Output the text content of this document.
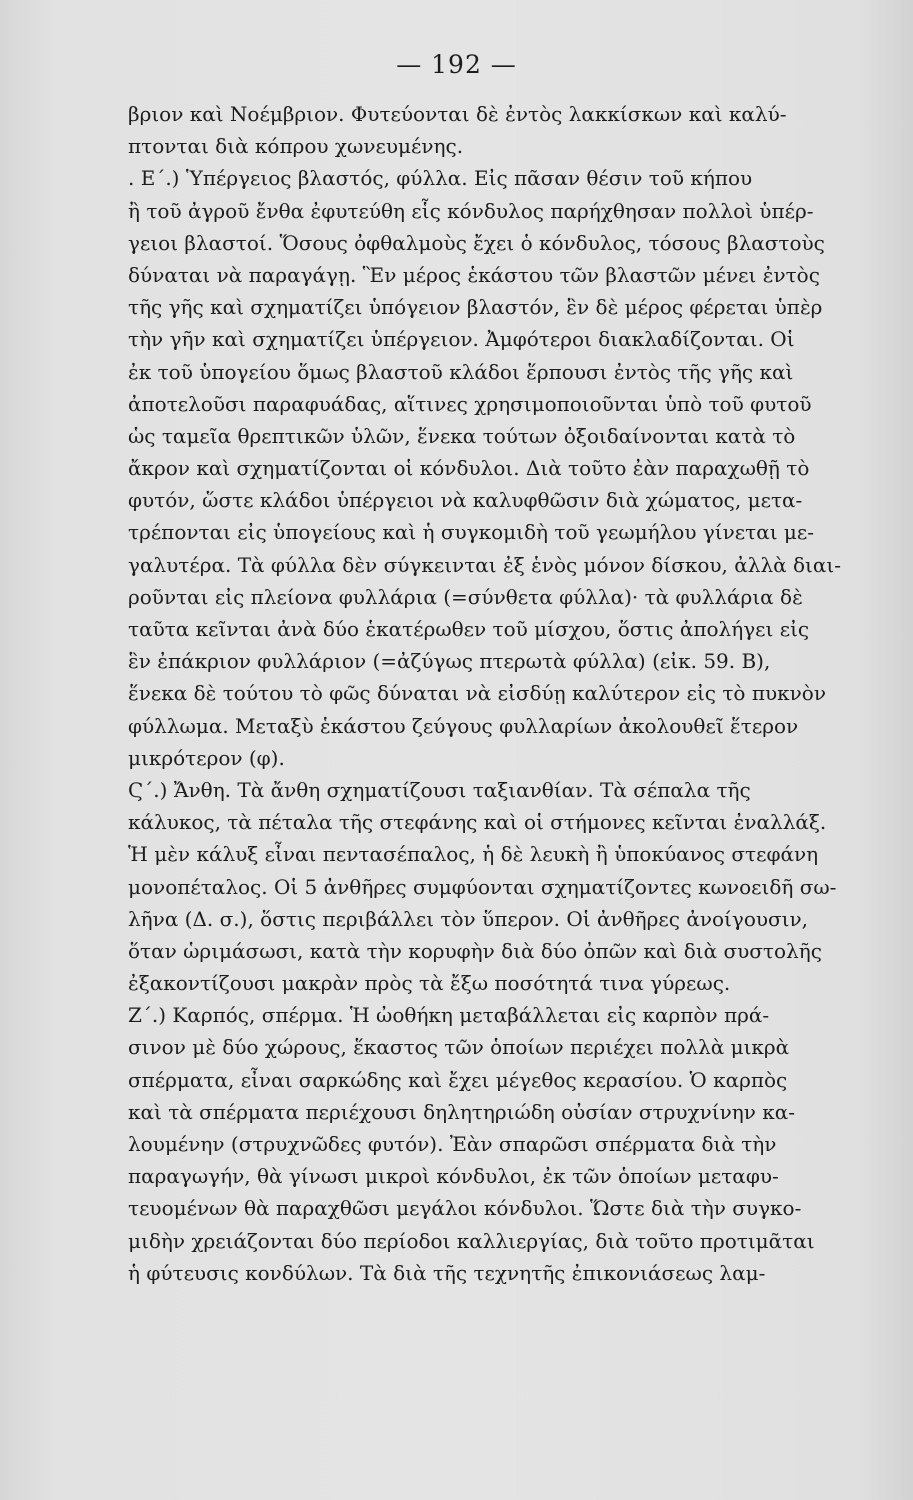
— 192 —
βριον καὶ Νοέμβριον. Φυτεύονται δὲ ἐντὸς λακκίσκων καὶ καλύ-
πτονται διὰ κόπρου χωνευμένης.
. Ε΄.) Ὑπέργειος βλαστός, φύλλα. Εἰς πᾶσαν θέσιν τοῦ κήπου
ἢ τοῦ ἀγροῦ ἔνθα ἐφυτεύθη εἷς κόνδυλος παρήχθησαν πολλοὶ ὑπέρ-
γειοι βλαστοί. Ὅσους ὀφθαλμοὺς ἔχει ὁ κόνδυλος, τόσους βλαστοὺς
δύναται νὰ παραγάγῃ. Ἓν μέρος ἑκάστου τῶν βλαστῶν μένει ἐντὸς
τῆς γῆς καὶ σχηματίζει ὑπόγειον βλαστόν, ἓν δὲ μέρος φέρεται ὑπὲρ
τὴν γῆν καὶ σχηματίζει ὑπέργειον. Ἀμφότεροι διακλαδίζονται. Οἱ
ἐκ τοῦ ὑπογείου ὅμως βλαστοῦ κλάδοι ἕρπουσι ἐντὸς τῆς γῆς καὶ
ἀποτελοῦσι παραφυάδας, αἵτινες χρησιμοποιοῦνται ὑπὸ τοῦ φυτοῦ
ὡς ταμεῖα θρεπτικῶν ὑλῶν, ἕνεκα τούτων ὀξοιδαίνονται κατὰ τὸ
ἄκρον καὶ σχηματίζονται οἱ κόνδυλοι. Διὰ τοῦτο ἐὰν παραχωθῇ τὸ
φυτόν, ὥστε κλάδοι ὑπέργειοι νὰ καλυφθῶσιν διὰ χώματος, μετα-
τρέπονται εἰς ὑπογείους καὶ ἡ συγκομιδὴ τοῦ γεωμήλου γίνεται με-
γαλυτέρα. Τὰ φύλλα δὲν σύγκεινται ἐξ ἑνὸς μόνον δίσκου, ἀλλὰ διαι-
ροῦνται εἰς πλείονα φυλλάρια (=σύνθετα φύλλα)· τὰ φυλλάρια δὲ
ταῦτα κεῖνται ἀνὰ δύο ἑκατέρωθεν τοῦ μίσχου, ὅστις ἀπολήγει εἰς
ἓν ἐπάκριον φυλλάριον (=ἀζύγως πτερωτὰ φύλλα) (εἰκ. 59. Β),
ἕνεκα δὲ τούτου τὸ φῶς δύναται νὰ εἰσδύῃ καλύτερον εἰς τὸ πυκνὸν
φύλλωμα. Μεταξὺ ἑκάστου ζεύγους φυλλαρίων ἀκολουθεῖ ἕτερον
μικρότερον (φ).
Ϛ΄.) Ἄνθη. Τὰ ἄνθη σχηματίζουσι ταξιανθίαν. Τὰ σέπαλα τῆς
κάλυκος, τὰ πέταλα τῆς στεφάνης καὶ οἱ στήμονες κεῖνται ἐναλλάξ.
Ἡ μὲν κάλυξ εἶναι πεντασέπαλος, ἡ δὲ λευκὴ ἢ ὑποκύανος στεφάνη
μονοπέταλος. Οἱ 5 ἀνθῆρες συμφύονται σχηματίζοντες κωνοειδῆ σω-
λῆνα (Δ. σ.), ὅστις περιβάλλει τὸν ὕπερον. Οἱ ἀνθῆρες ἀνοίγουσιν,
ὅταν ὡριμάσωσι, κατὰ τὴν κορυφὴν διὰ δύο ὀπῶν καὶ διὰ συστολῆς
ἐξακοντίζουσι μακρὰν πρὸς τὰ ἔξω ποσότητά τινα γύρεως.
Ζ΄.) Καρπός, σπέρμα. Ἡ ὠοθήκη μεταβάλλεται εἰς καρπὸν πρά-
σινον μὲ δύο χώρους, ἕκαστος τῶν ὁποίων περιέχει πολλὰ μικρὰ
σπέρματα, εἶναι σαρκώδης καὶ ἔχει μέγεθος κερασίου. Ὁ καρπὸς
καὶ τὰ σπέρματα περιέχουσι δηλητηριώδη οὐσίαν στρυχνίνην κα-
λουμένην (στρυχνῶδες φυτόν). Ἐὰν σπαρῶσι σπέρματα διὰ τὴν
παραγωγήν, θὰ γίνωσι μικροὶ κόνδυλοι, ἐκ τῶν ὁποίων μεταφυ-
τευομένων θὰ παραχθῶσι μεγάλοι κόνδυλοι. Ὥστε διὰ τὴν συγκο-
μιδὴν χρειάζονται δύο περίοδοι καλλιεργίας, διὰ τοῦτο προτιμᾶται
ἡ φύτευσις κονδύλων. Τὰ διὰ τῆς τεχνητῆς ἐπικονιάσεως λαμ-
